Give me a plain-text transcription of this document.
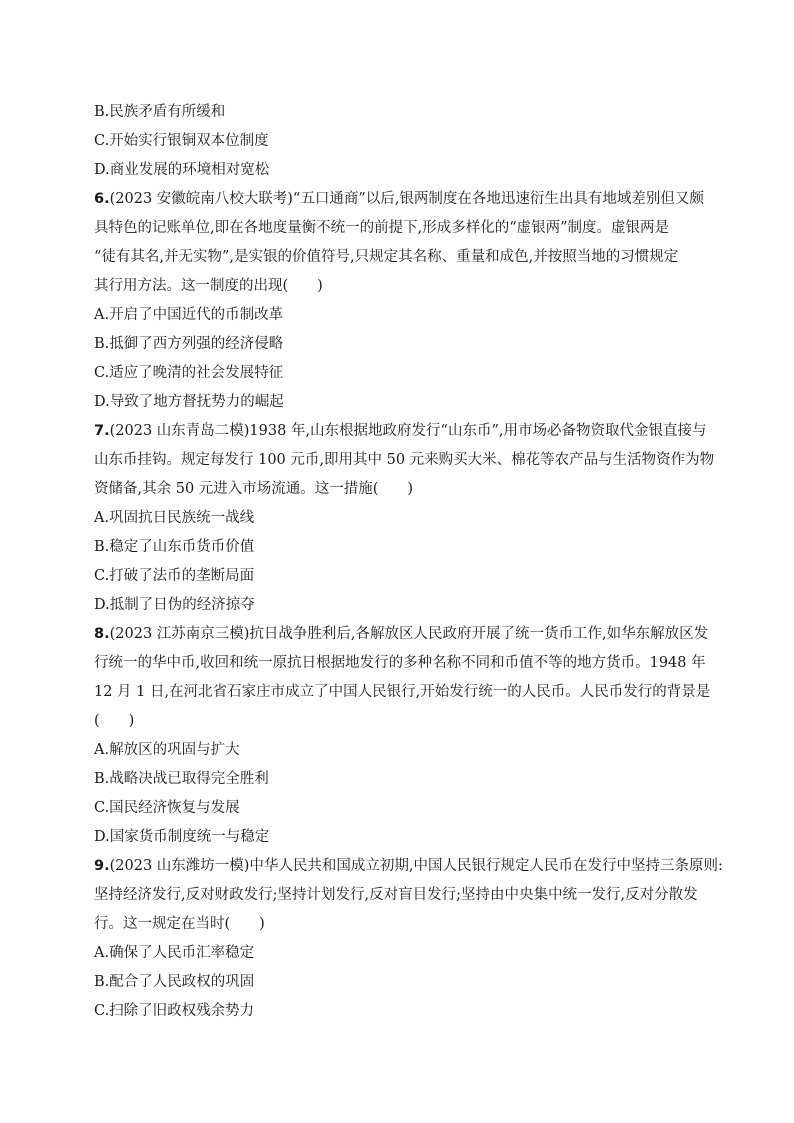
B.民族矛盾有所缓和
C.开始实行银铜双本位制度
D.商业发展的环境相对宽松
6.(2023 安徽皖南八校大联考)“五口通商”以后,银两制度在各地迅速衍生出具有地域差别但又颇
具特色的记账单位,即在各地度量衡不统一的前提下,形成多样化的“虚银两”制度。虚银两是
“徒有其名,并无实物”,是实银的价值符号,只规定其名称、重量和成色,并按照当地的习惯规定
其行用方法。这一制度的出现(　　)
A.开启了中国近代的币制改革
B.抵御了西方列强的经济侵略
C.适应了晚清的社会发展特征
D.导致了地方督抚势力的崛起
7.(2023 山东青岛二模)1938 年,山东根据地政府发行“山东币”,用市场必备物资取代金银直接与
山东币挂钩。规定每发行 100 元币,即用其中 50 元来购买大米、棉花等农产品与生活物资作为物
资储备,其余 50 元进入市场流通。这一措施(　　)
A.巩固抗日民族统一战线
B.稳定了山东币货币价值
C.打破了法币的垄断局面
D.抵制了日伪的经济掠夺
8.(2023 江苏南京三模)抗日战争胜利后,各解放区人民政府开展了统一货币工作,如华东解放区发
行统一的华中币,收回和统一原抗日根据地发行的多种名称不同和币值不等的地方货币。1948 年
12 月 1 日,在河北省石家庄市成立了中国人民银行,开始发行统一的人民币。人民币发行的背景是
(　　)
A.解放区的巩固与扩大
B.战略决战已取得完全胜利
C.国民经济恢复与发展
D.国家货币制度统一与稳定
9.(2023 山东潍坊一模)中华人民共和国成立初期,中国人民银行规定人民币在发行中坚持三条原则:
坚持经济发行,反对财政发行;坚持计划发行,反对盲目发行;坚持由中央集中统一发行,反对分散发
行。这一规定在当时(　　)
A.确保了人民币汇率稳定
B.配合了人民政权的巩固
C.扫除了旧政权残余势力
